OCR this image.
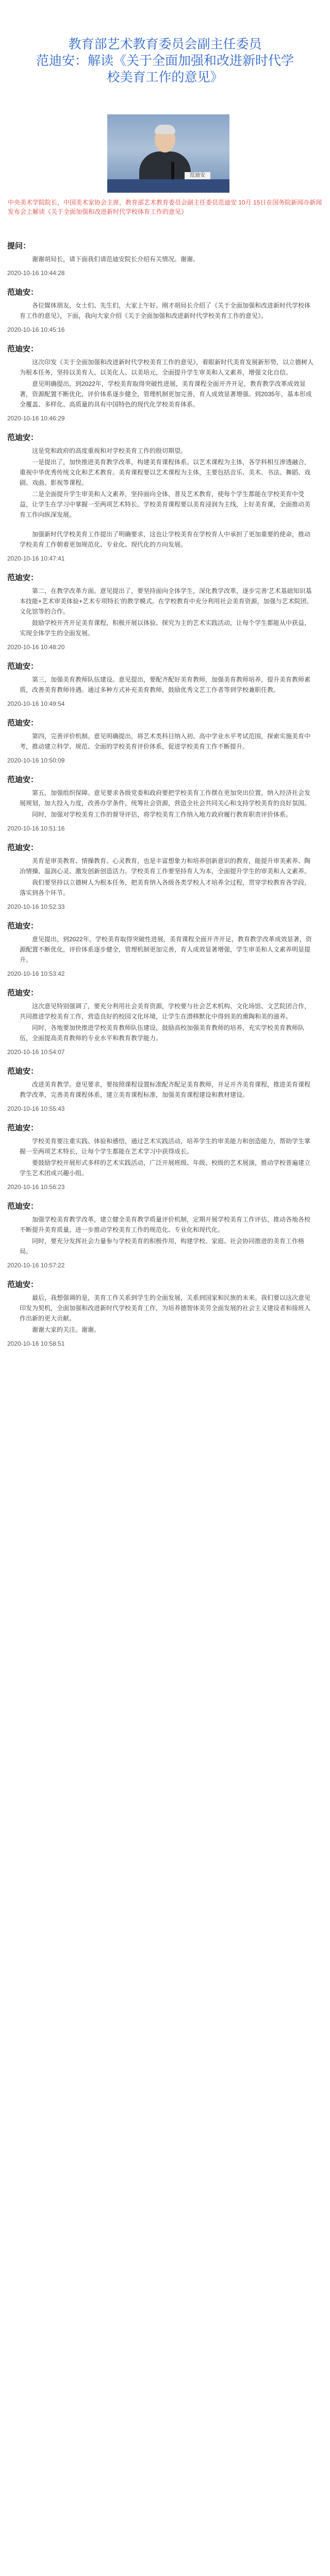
教育部艺术教育委员会副主任委员
范迪安：解读《关于全面加强和改进新时代学
校美育工作的意见》
范迪安
中央美术学院院长，中国美术家协会主席，教育部艺术教育委员会副主任委员范迪安 10月 15日在国务院新闻办新闻发布会上解读《关于全面加强和改进新时代学校体育工作的意见》
提问：
谢谢胡局长，请下面我们请范迪安院长介绍有关情况。谢谢。
2020-10-16 10:44:28
范迪安：
各位媒体朋友，女士们、先生们，大家上午好。刚才胡局长介绍了《关于全面加强和改进新时代学校体育工作的意见》，下面，我向大家介绍《关于全面加强和改进新时代学校美育工作的意见》。
2020-10-16 10:45:16
范迪安：
这次印发《关于全面加强和改进新时代学校美育工作的意见》，着眼新时代美育发展新形势，以立德树人为根本任务，坚持以美育人、以美化人、以美培元，全面提升学生审美和人文素养，增强文化自信。
意见明确提出，到2022年，学校美育取得突破性进展，美育课程全面开齐开足，教育教学改革成效显著，资源配置不断优化，评价体系逐步健全，管理机制更加完善，育人成效显著增强。到2035年，基本形成全覆盖、多样化、高质量的具有中国特色的现代化学校美育体系。
2020-10-16 10:46:29
范迪安：
这是党和政府的高度重视和对学校美育工作的殷切期望。
一是提出了，加快推进美育教学改革，构建美育课程体系。以艺术课程为主体，各学科相互渗透融合，重视中华优秀传统文化和艺术教育。美育课程要以艺术课程为主体，主要包括音乐、美术、书法、舞蹈、戏剧、戏曲、影视等课程。
二是全面提升学生审美和人文素养，坚持面向全体，普及艺术教育，使每个学生都能在学校美育中受益，让学生在学习中掌握一至两项艺术特长。学校美育课程要以美育浸润为主线，上好美育课，全面推动美育工作向纵深发展。
加强新时代学校美育工作提出了明确要求，这也让学校美育在学校育人中承担了更加重要的使命，推动学校美育工作朝着更加规范化、专业化、现代化的方向发展。
2020-10-16 10:47:41
范迪安：
第二，在教学改革方面。意见提出了，要坚持面向全体学生，深化教学改革，逐步完善‘艺术基础知识基本技能+艺术审美体验+艺术专项特长’的教学模式。在学校教育中充分利用社会美育资源，加强与艺术院团、文化馆等的合作。
鼓励学校开齐开足美育课程，积极开展以体验、探究为主的艺术实践活动，让每个学生都能从中获益，实现全体学生的全面发展。
2020-10-16 10:48:20
范迪安：
第三，加强美育教师队伍建设。意见提出，要配齐配好美育教师，加强美育教师培养，提升美育教师素质，改善美育教师待遇。通过多种方式补充美育教师，鼓励优秀文艺工作者等到学校兼职任教。
2020-10-16 10:49:54
范迪安：
第四，完善评价机制。意见明确提出，将艺术类科目纳入初、高中学业水平考试范围，探索实施美育中考，推动建立科学、规范、全面的学校美育评价体系，促进学校美育工作不断提升。
2020-10-16 10:50:09
范迪安：
第五，加强组织保障。意见要求各级党委和政府要把学校美育工作摆在更加突出位置，纳入经济社会发展规划，加大投入力度，改善办学条件，统筹社会资源，营造全社会共同关心和支持学校美育的良好氛围。
同时，加强对学校美育工作的督导评估，将学校美育工作纳入地方政府履行教育职责评价体系。
2020-10-16 10:51:16
范迪安：
美育是审美教育、情操教育、心灵教育，也是丰富想象力和培养创新意识的教育，能提升审美素养、陶冶情操、温润心灵、激发创新创造活力。学校美育工作要坚持育人为本，全面提升学生的审美和人文素养。
我们要坚持以立德树人为根本任务，把美育纳入各级各类学校人才培养全过程，贯穿学校教育各学段，落实到各个环节。
2020-10-16 10:52:33
范迪安：
意见提出，到2022年，学校美育取得突破性进展，美育课程全面开齐开足，教育教学改革成效显著，资源配置不断优化，评价体系逐步健全，管理机制更加完善，育人成效显著增强，学生审美和人文素养明显提升。
2020-10-16 10:53:42
范迪安：
这次意见特别强调了，要充分利用社会美育资源，学校要与社会艺术机构、文化场馆、文艺院团合作，共同推进学校美育工作，营造良好的校园文化环境，让学生在潜移默化中得到美的熏陶和美的滋养。
同时，各地要加快推进学校美育教师队伍建设，鼓励高校加强美育教师的培养，充实学校美育教师队伍，全面提高美育教师的专业水平和教育教学能力。
2020-10-16 10:54:07
范迪安：
改进美育教学。意见要求，要按照课程设置标准配齐配足美育教师，开足开齐美育课程，推进美育课程教学改革，完善美育课程体系，建立美育课程标准，加强美育课程建设和教材建设。
2020-10-16 10:55:43
范迪安：
学校美育要注重实践、体验和感悟，通过艺术实践活动，培养学生的审美能力和创造能力，帮助学生掌握一至两项艺术特长，让每个学生都能在艺术学习中获得成长。
要鼓励学校开展形式多样的艺术实践活动，广泛开展班级、年级、校级的艺术展演，推动学校普遍建立学生艺术团或兴趣小组。
2020-10-16 10:56:23
范迪安：
加强学校美育教学改革，建立健全美育教学质量评价机制，定期开展学校美育工作评估，推动各地各校不断提升美育质量，进一步推动学校美育工作的规范化、专业化和现代化。
同时，要充分发挥社会力量参与学校美育的积极作用，构建学校、家庭、社会协同推进的美育工作格局。
2020-10-16 10:57:22
范迪安：
最后，我想强调的是，美育工作关系到学生的全面发展，关系到国家和民族的未来。我们要以这次意见印发为契机，全面加强和改进新时代学校美育工作，为培养德智体美劳全面发展的社会主义建设者和接班人作出新的更大贡献。
谢谢大家的关注。谢谢。
2020-10-16 10:58:51
